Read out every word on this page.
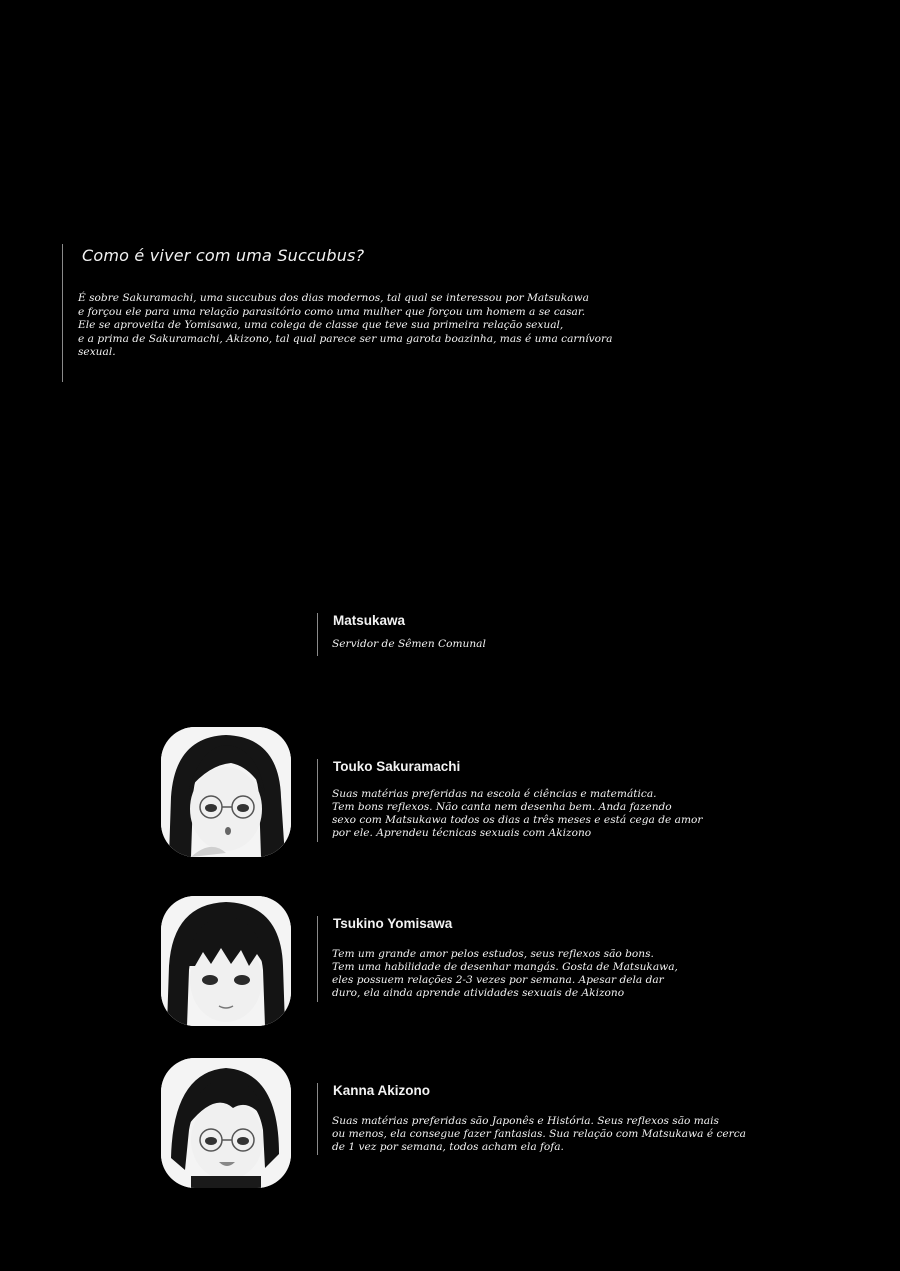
Como é viver com uma Succubus?
É sobre Sakuramachi, uma succubus dos dias modernos, tal qual se interessou por Matsukawa
e forçou ele para uma relação parasitório como uma mulher que forçou um homem a se casar.
Ele se aproveita de Yomisawa, uma colega de classe que teve sua primeira relação sexual,
e a prima de Sakuramachi, Akizono, tal qual parece ser uma garota boazinha, mas é uma carnívora
sexual.
Matsukawa
Servidor de Sêmen Comunal
Touko Sakuramachi
Suas matérias preferidas na escola é ciências e matemática.
Tem bons reflexos. Não canta nem desenha bem. Anda fazendo
sexo com Matsukawa todos os dias a três meses e está cega de amor
por ele. Aprendeu técnicas sexuais com Akizono
Tsukino Yomisawa
Tem um grande amor pelos estudos, seus reflexos são bons.
Tem uma habilidade de desenhar mangás. Gosta de Matsukawa,
eles possuem relações 2-3 vezes por semana. Apesar dela dar
duro, ela ainda aprende atividades sexuais de Akizono
Kanna Akizono
Suas matérias preferidas são Japonês e História. Seus reflexos são mais
ou menos, ela consegue fazer fantasias. Sua relação com Matsukawa é cerca
de 1 vez por semana, todos acham ela fofa.
